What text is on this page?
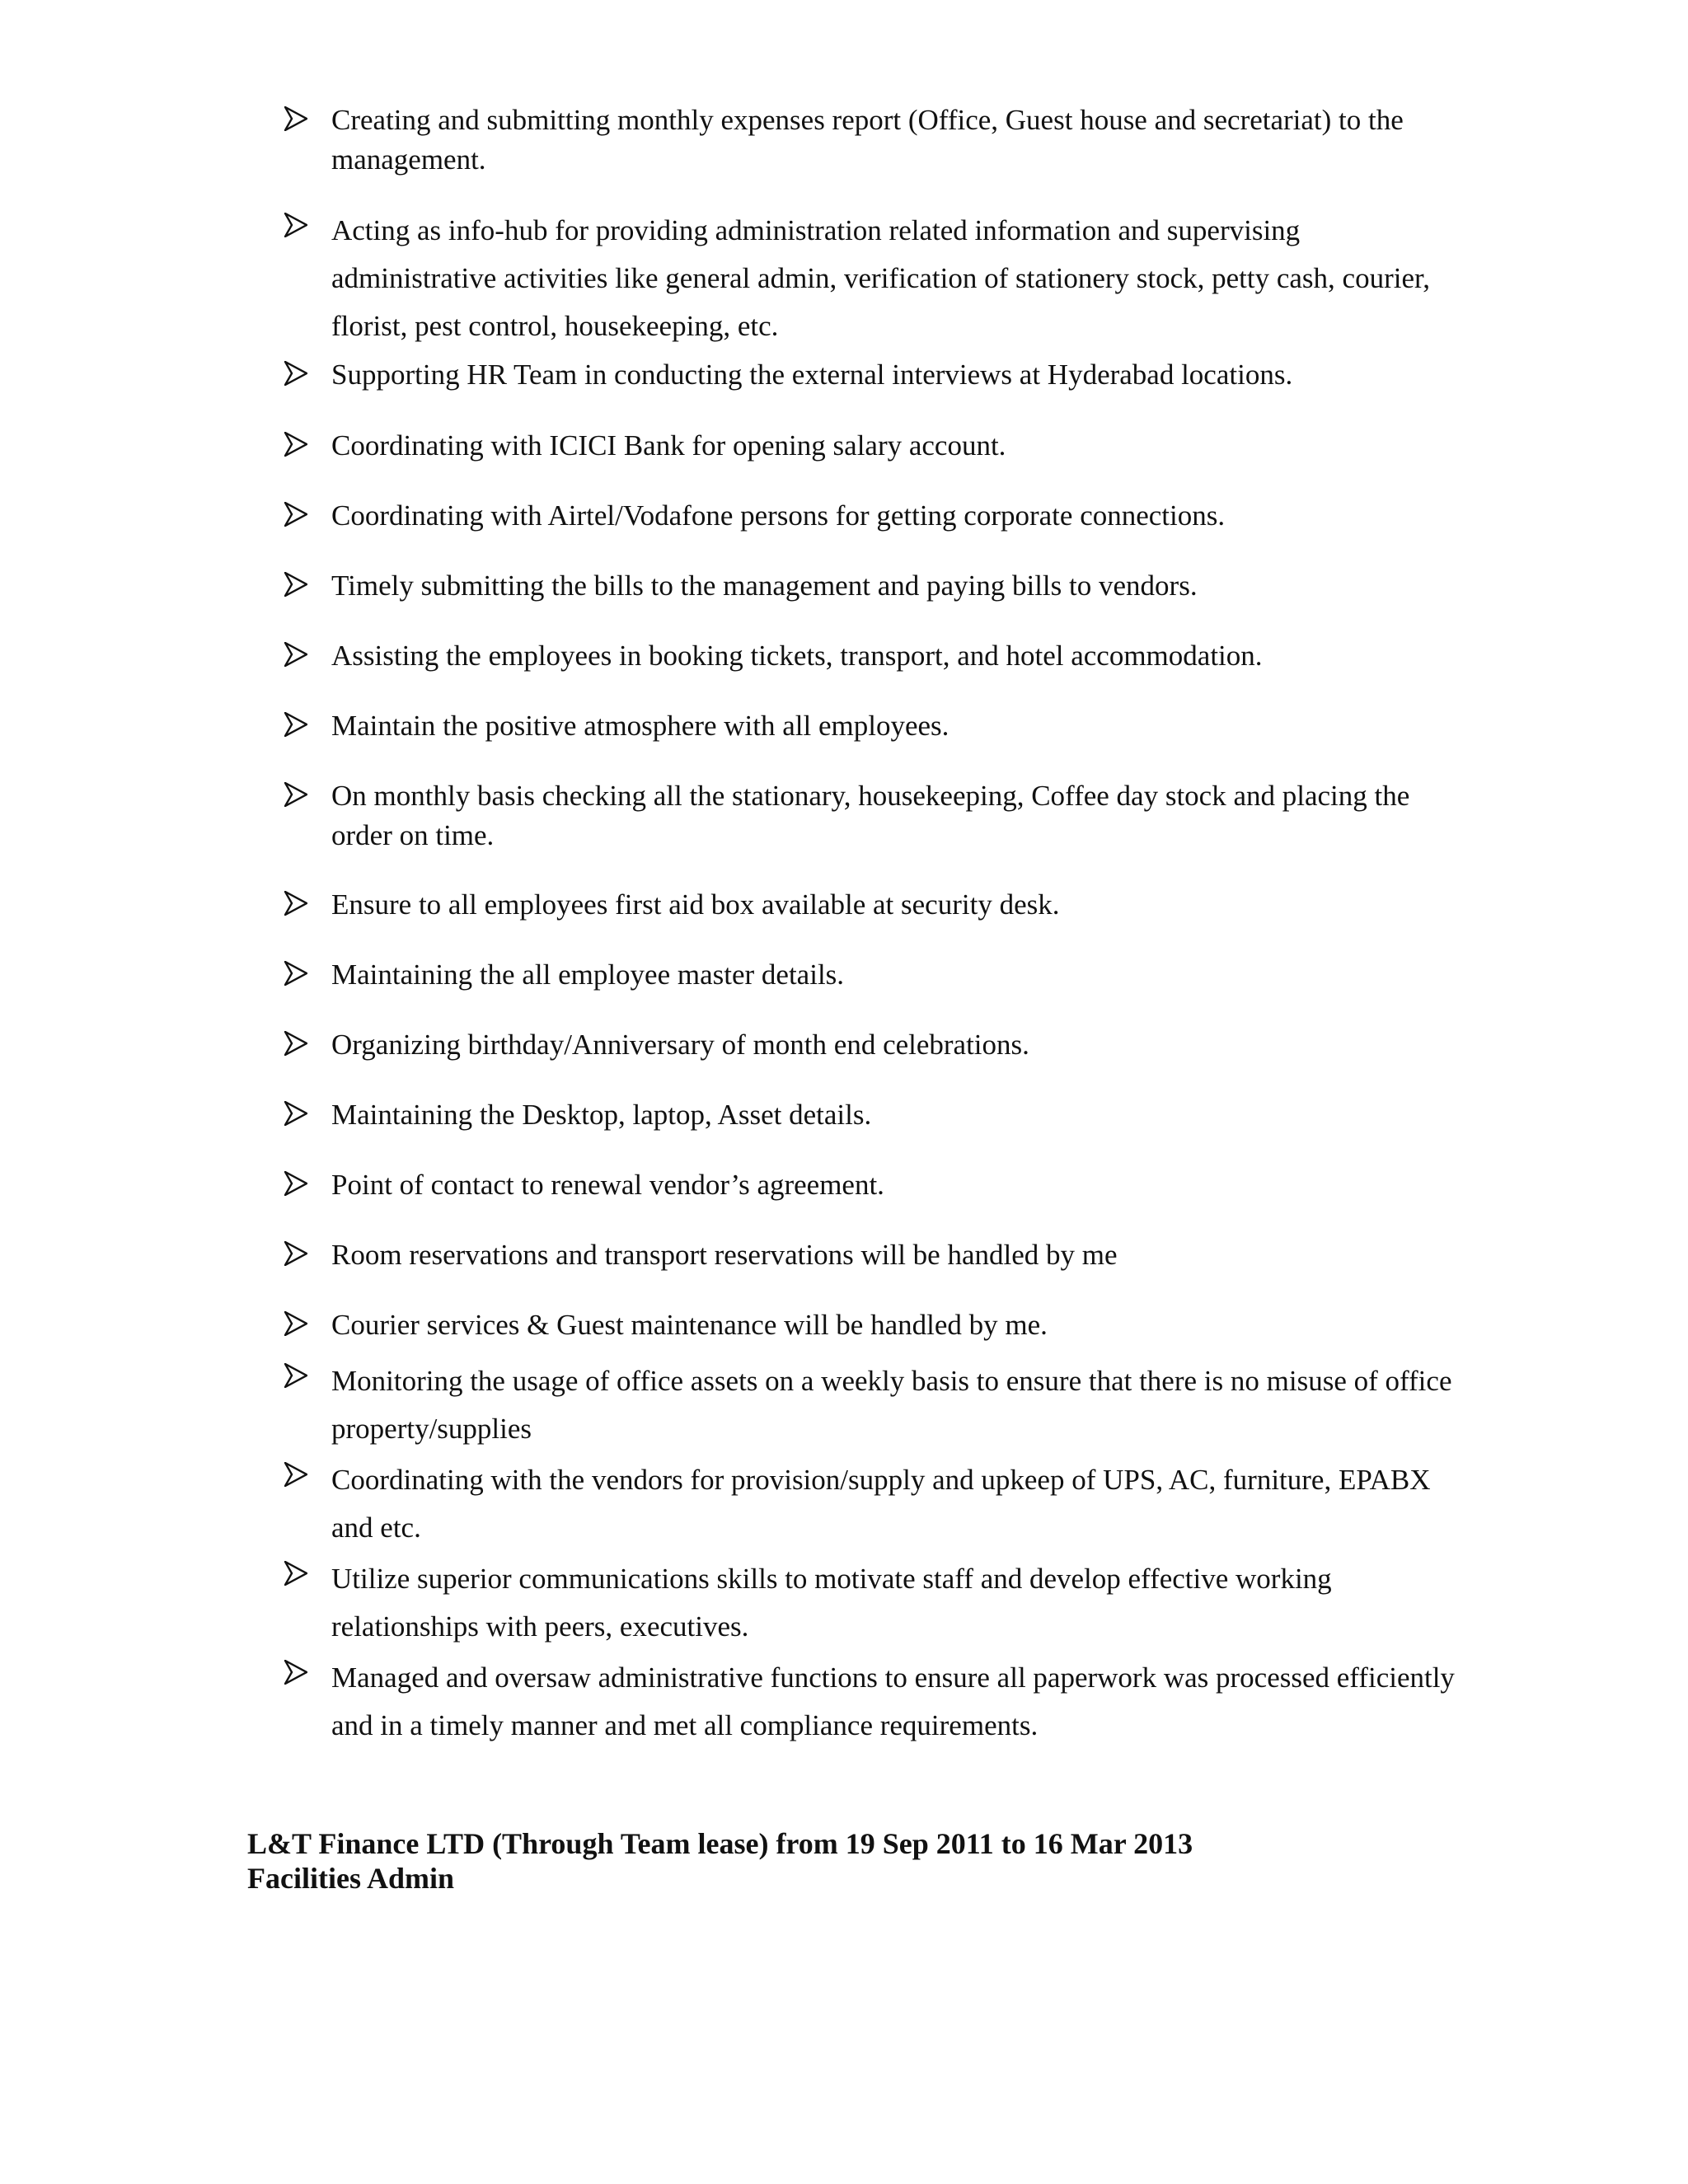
Creating and submitting monthly expenses report (Office, Guest house and secretariat) to the management.
Acting as info-hub for providing administration related information and supervising administrative activities like general admin, verification of stationery stock, petty cash, courier, florist, pest control, housekeeping, etc.
Supporting HR Team in conducting the external interviews at Hyderabad locations.
Coordinating with ICICI Bank for opening salary account.
Coordinating with Airtel/Vodafone persons for getting corporate connections.
Timely submitting the bills to the management and paying bills to vendors.
Assisting the employees in booking tickets, transport, and hotel accommodation.
Maintain the positive atmosphere with all employees.
On monthly basis checking all the stationary, housekeeping, Coffee day stock and placing the order on time.
Ensure to all employees first aid box available at security desk.
Maintaining the all employee master details.
Organizing birthday/Anniversary of month end celebrations.
Maintaining the Desktop, laptop, Asset details.
Point of contact to renewal vendor’s agreement.
Room reservations and transport reservations will be handled by me
Courier services & Guest maintenance will be handled by me.
Monitoring the usage of office assets on a weekly basis to ensure that there is no misuse of office property/supplies
Coordinating with the vendors for provision/supply and upkeep of UPS, AC, furniture, EPABX and etc.
Utilize superior communications skills to motivate staff and develop effective working relationships with peers, executives.
Managed and oversaw administrative functions to ensure all paperwork was processed efficiently and in a timely manner and met all compliance requirements.
L&T Finance LTD (Through Team lease) from 19 Sep 2011 to 16 Mar 2013
Facilities Admin
